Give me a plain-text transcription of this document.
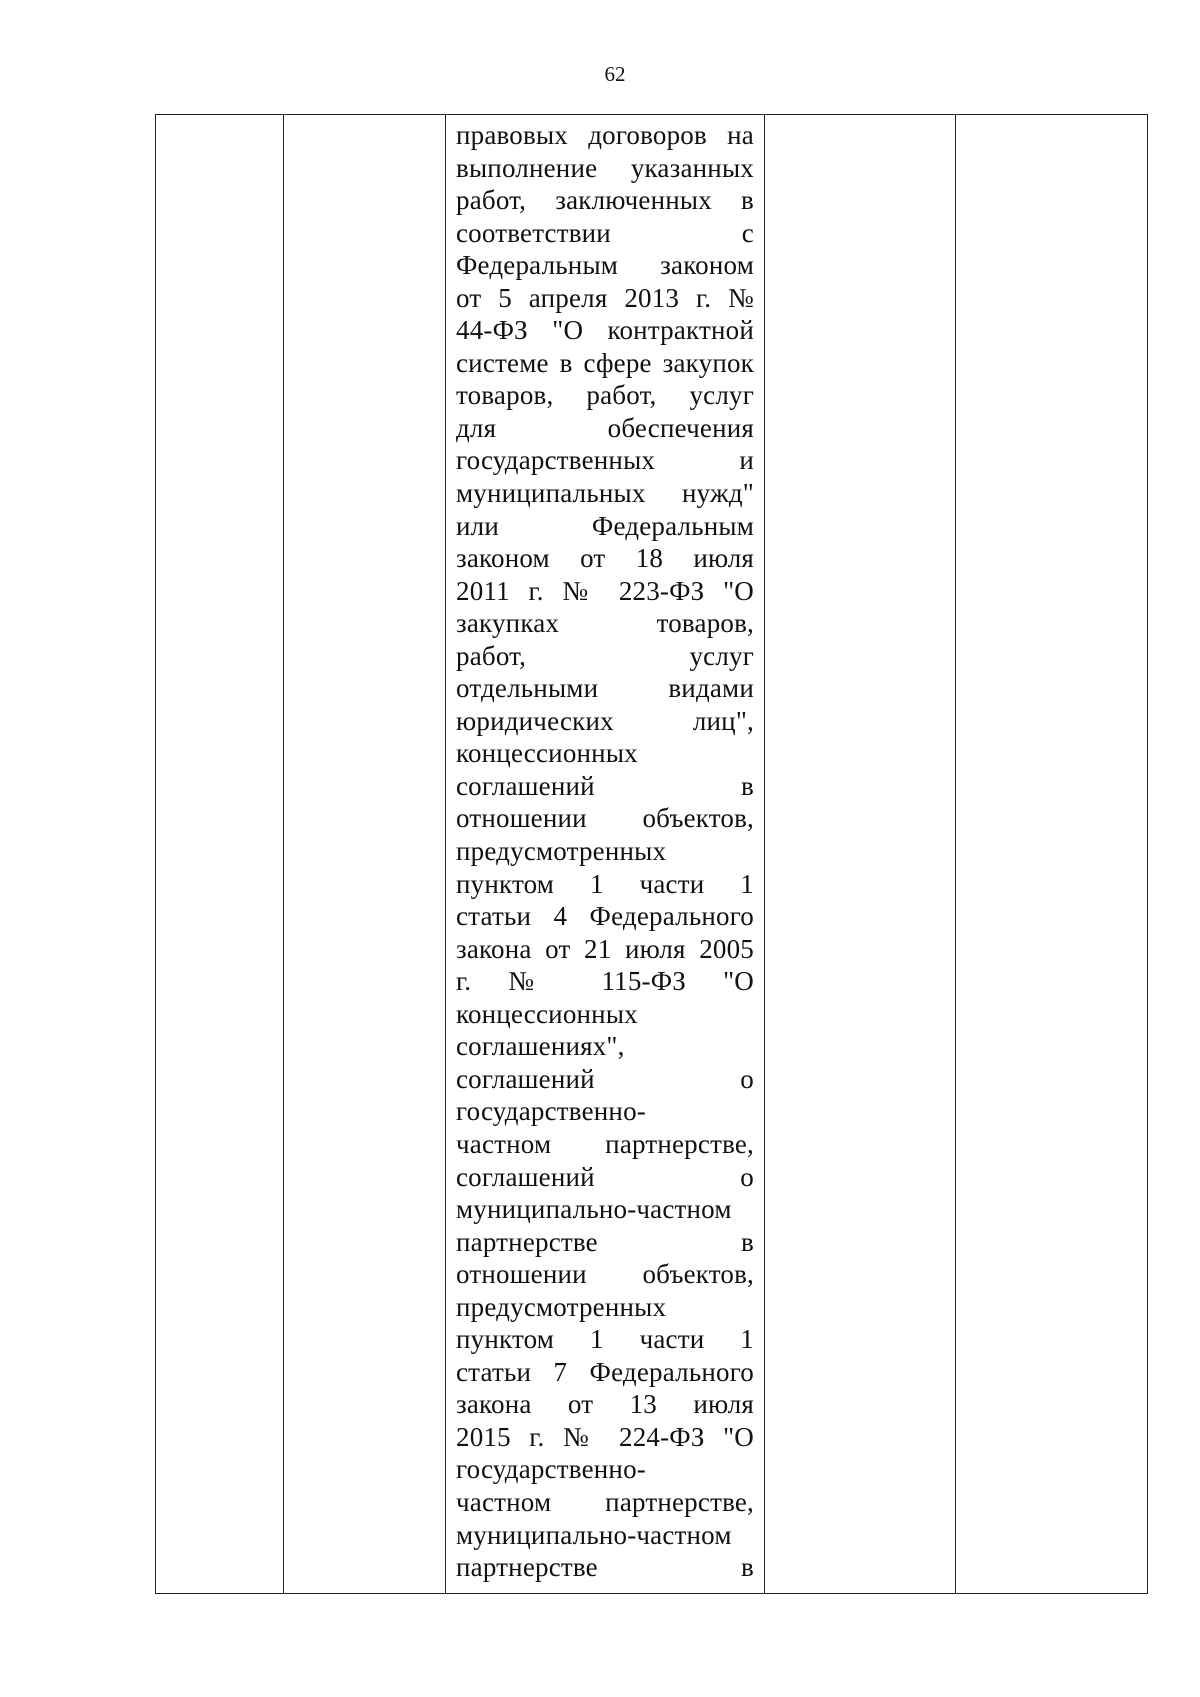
62

правовых договоров на

выполнение указанных

работ, заключенных в

соответствии с

Федеральным законом

от 5 апреля 2013 г. №

44-ФЗ "О контрактной

системе в сфере закупок

товаров, работ, услуг

для обеспечения

государственных и

муниципальных нужд"

или Федеральным

законом от 18 июля

2011 г. № 223-ФЗ "О

закупках товаров,

работ, услуг

отдельными видами

юридических лиц",

концессионных

соглашений в

отношении объектов,

предусмотренных

пунктом 1 части 1

статьи 4 Федерального

закона от 21 июля 2005

г. № 115-ФЗ "О

концессионных

соглашениях",

соглашений о

государственно-

частном партнерстве,

соглашений о

муниципально-частном

партнерстве в

отношении объектов,

предусмотренных

пунктом 1 части 1

статьи 7 Федерального

закона от 13 июля

2015 г. № 224-ФЗ "О

государственно-

частном партнерстве,

муниципально-частном

партнерстве в
